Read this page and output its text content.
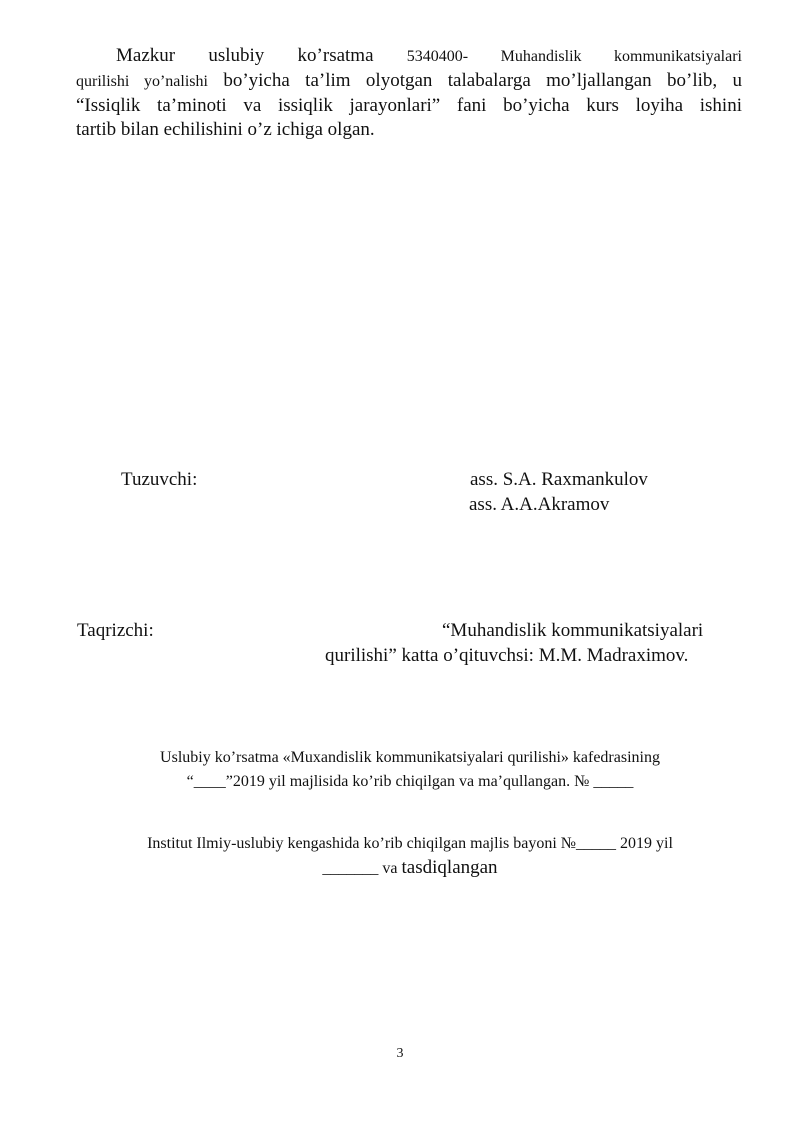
Mazkur uslubiy ko’rsatma 5340400- Muhandislik kommunikatsiyalari
qurilishi yo’nalishi bo’yicha ta’lim olyotgan talabalarga mo’ljallangan bo’lib, u
“Issiqlik ta’minoti va issiqlik jarayonlari” fani bo’yicha kurs loyiha ishini
tartib bilan echilishini o’z ichiga olgan.
Tuzuvchi:	ass. S.A. Raxmankulov
ass. A.A.Akramov
Taqrizchi:	“Muhandislik kommunikatsiyalari
qurilishi” katta o’qituvchsi: M.M. Madraximov.
Uslubiy ko’rsatma «Muxandislik kommunikatsiyalari qurilishi» kafedrasining
“____”2019 yil majlisida ko’rib chiqilgan va ma’qullangan. № _____
Institut Ilmiy-uslubiy kengashida ko’rib chiqilgan majlis bayoni №_____ 2019 yil
_______ va tasdiqlangan
3
